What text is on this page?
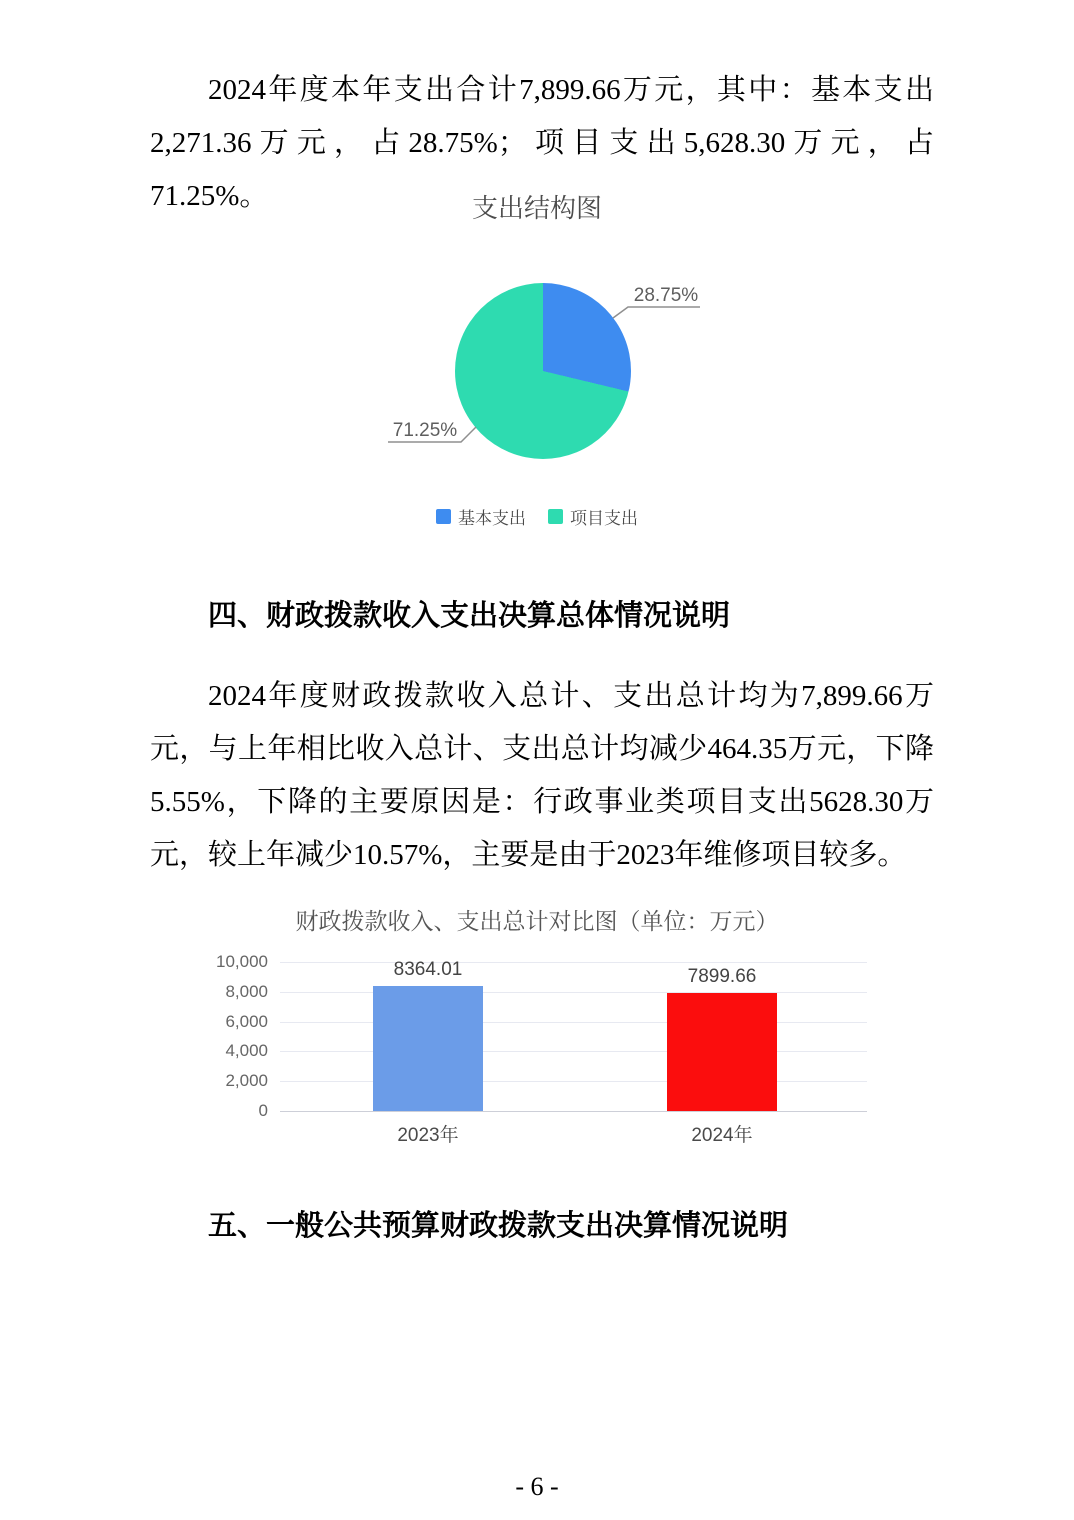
2024年度本年支出合计7,899.66万元，其中：基本支出2,271.36万元，占28.75%；项目支出5,628.30万元，占71.25%。	支出结构图
28.75%
71.25%
基本支出	项目支出
四、财政拨款收入支出决算总体情况说明

2024年度财政拨款收入总计、支出总计均为7,899.66万元，与上年相比收入总计、支出总计均减少464.35万元，下降5.55%，下降的主要原因是：行政事业类项目支出5628.30万元，较上年减少10.57%，主要是由于2023年维修项目较多。

财政拨款收入、支出总计对比图（单位：万元）
0
2,000
4,000
6,000
8,000
10,000	8364.01
2023年
7899.66
2024年
五、一般公共预算财政拨款支出决算情况说明
- 6 -
